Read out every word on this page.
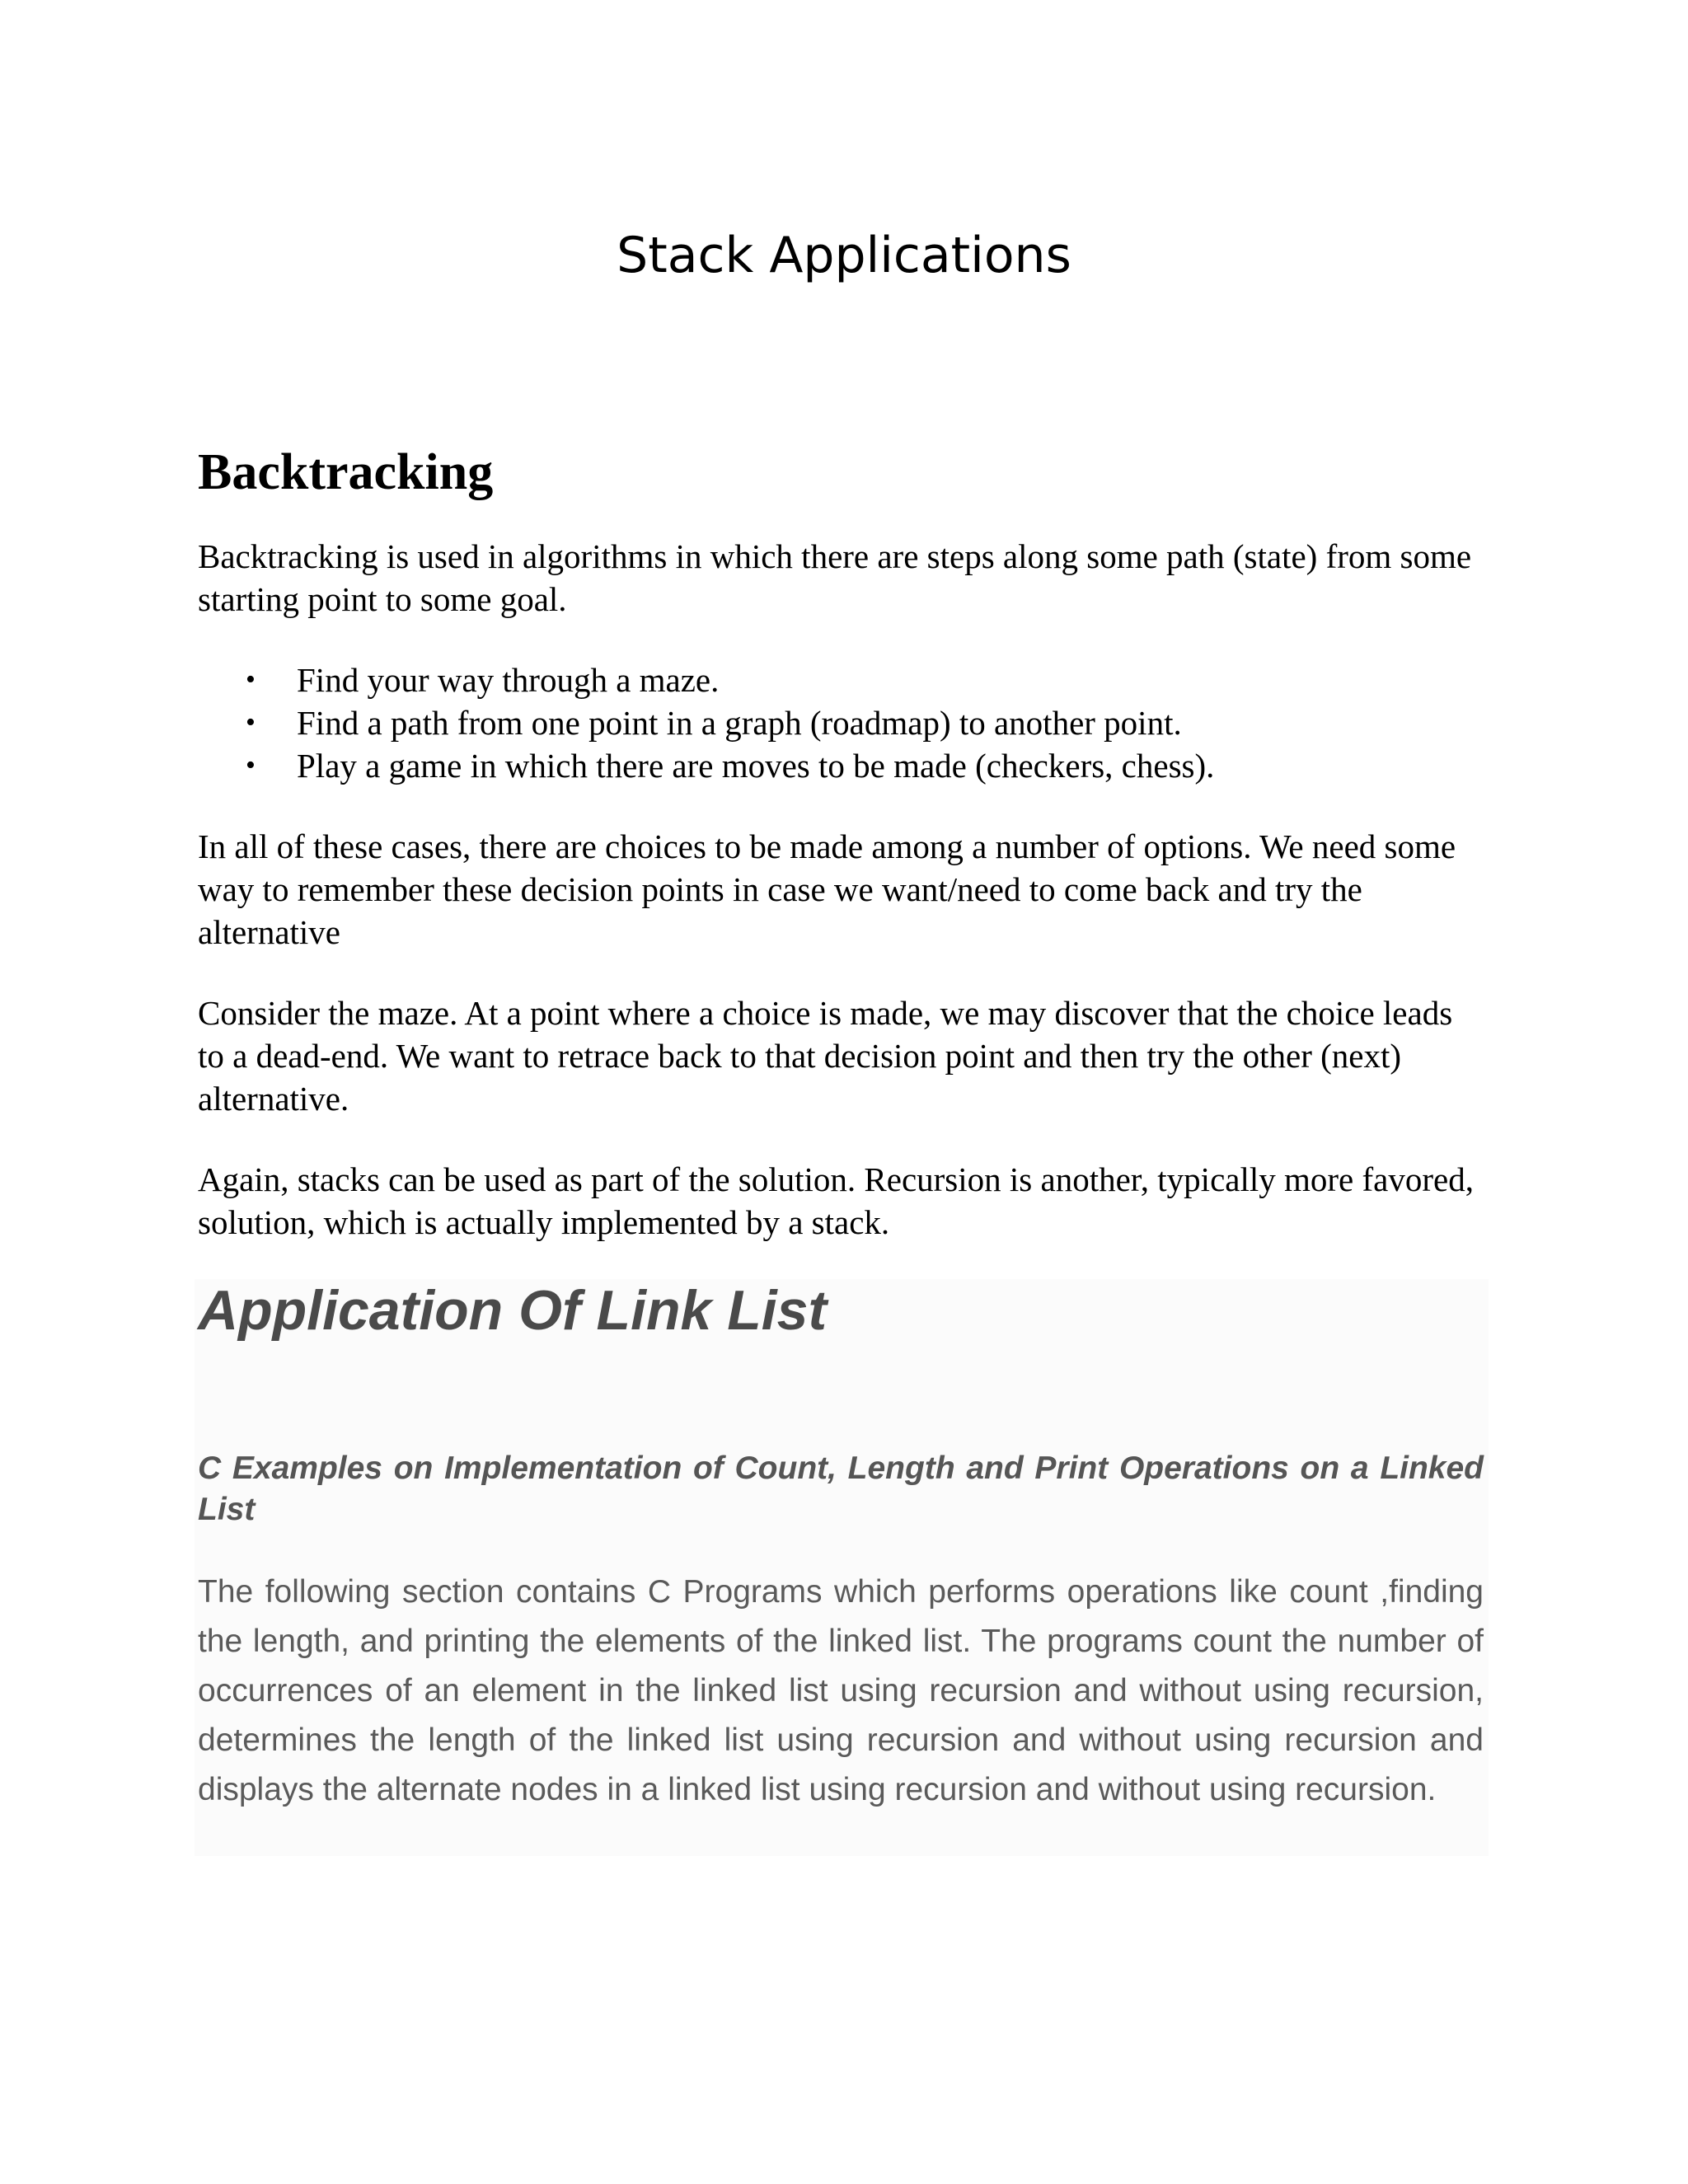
Stack Applications
Backtracking

Backtracking is used in algorithms in which there are steps along some path (state) from some starting point to some goal.

• Find your way through a maze.
• Find a path from one point in a graph (roadmap) to another point.
• Play a game in which there are moves to be made (checkers, chess).

In all of these cases, there are choices to be made among a number of options. We need some way to remember these decision points in case we want/need to come back and try the alternative

Consider the maze. At a point where a choice is made, we may discover that the choice leads to a dead-end. We want to retrace back to that decision point and then try the other (next) alternative.

Again, stacks can be used as part of the solution. Recursion is another, typically more favored, solution, which is actually implemented by a stack.

Application Of Link List
C Examples on Implementation of Count, Length and Print Operations on a Linked List

The following section contains C Programs which performs operations like count ,finding the length, and printing the elements of the linked list. The programs count the number of occurrences of an element in the linked list using recursion and without using recursion, determines the length of the linked list using recursion and without using recursion and displays the alternate nodes in a linked list using recursion and without using recursion.
